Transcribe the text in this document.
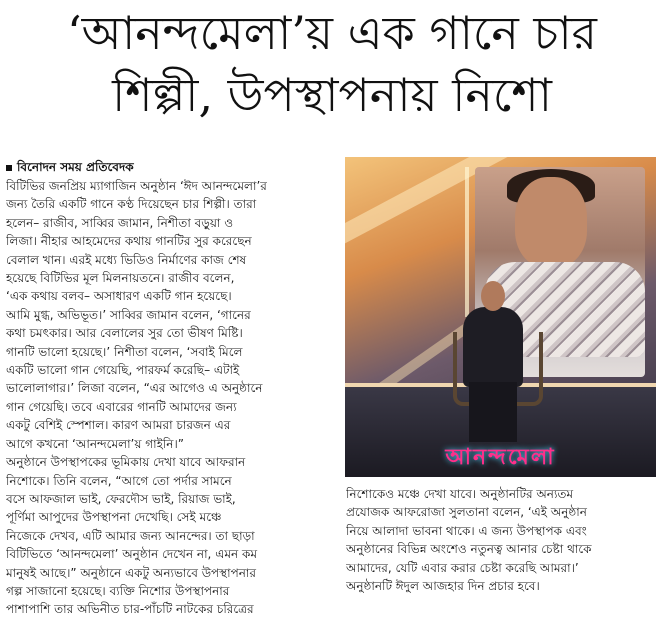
‘আনন্দমেলা’য় এক গানে চার
শিল্পী, উপস্থাপনায় নিশো
বিনোদন সময় প্রতিবেদক

বিটিভির জনপ্রিয় ম্যাগাজিন অনুষ্ঠান ‘ঈদ আনন্দমেলা’র

জন্য তৈরি একটি গানে কণ্ঠ দিয়েছেন চার শিল্পী। তারা

হলেন– রাজীব, সাব্বির জামান, নিশীতা বড়ুয়া ও

লিজা। নীহার আহমেদের কথায় গানটির সুর করেছেন

বেলাল খান। এরই মধ্যে ভিডিও নির্মাণের কাজ শেষ

হয়েছে বিটিভির মূল মিলনায়তনে। রাজীব বলেন,

‘এক কথায় বলব– অসাধারণ একটি গান হয়েছে।

আমি মুগ্ধ, অভিভূত।’ সাব্বির জামান বলেন, ‘গানের

কথা চমৎকার। আর বেলালের সুর তো ভীষণ মিষ্টি।

গানটি ভালো হয়েছে।’ নিশীতা বলেন, ‘সবাই মিলে

একটি ভালো গান গেয়েছি, পারফর্ম করেছি– এটাই

ভালোলাগার।’ লিজা বলেন, “এর আগেও এ অনুষ্ঠানে

গান গেয়েছি। তবে এবারের গানটি আমাদের জন্য

একটু বেশিই স্পেশাল। কারণ আমরা চারজন এর

আগে কখনো ‘আনন্দমেলা’য় গাইনি।”

অনুষ্ঠানে উপস্থাপকের ভূমিকায় দেখা যাবে আফরান

নিশোকে। তিনি বলেন, “আগে তো পর্দার সামনে

বসে আফজাল ভাই, ফেরদৌস ভাই, রিয়াজ ভাই,

পূর্ণিমা আপুদের উপস্থাপনা দেখেছি। সেই মঞ্চে

নিজেকে দেখব, এটি আমার জন্য আনন্দের। তা ছাড়া

বিটিভিতে ‘আনন্দমেলা’ অনুষ্ঠান দেখেন না, এমন কম

মানুষই আছে।” অনুষ্ঠানে একটু অন্যভাবে উপস্থাপনার

গল্প সাজানো হয়েছে। ব্যক্তি নিশোর উপস্থাপনার

পাশাপাশি তার অভিনীত চার-পাঁচটি নাটকের চরিত্রের

আনন্দমেলা

নিশোকেও মঞ্চে দেখা যাবে। অনুষ্ঠানটির অন্যতম

প্রযোজক আফরোজা সুলতানা বলেন, ‘এই অনুষ্ঠান

নিয়ে আলাদা ভাবনা থাকে। এ জন্য উপস্থাপক এবং

অনুষ্ঠানের বিভিন্ন অংশেও নতুনত্ব আনার চেষ্টা থাকে

আমাদের, যেটি এবার করার চেষ্টা করেছি আমরা।’

অনুষ্ঠানটি ঈদুল আজহার দিন প্রচার হবে।
